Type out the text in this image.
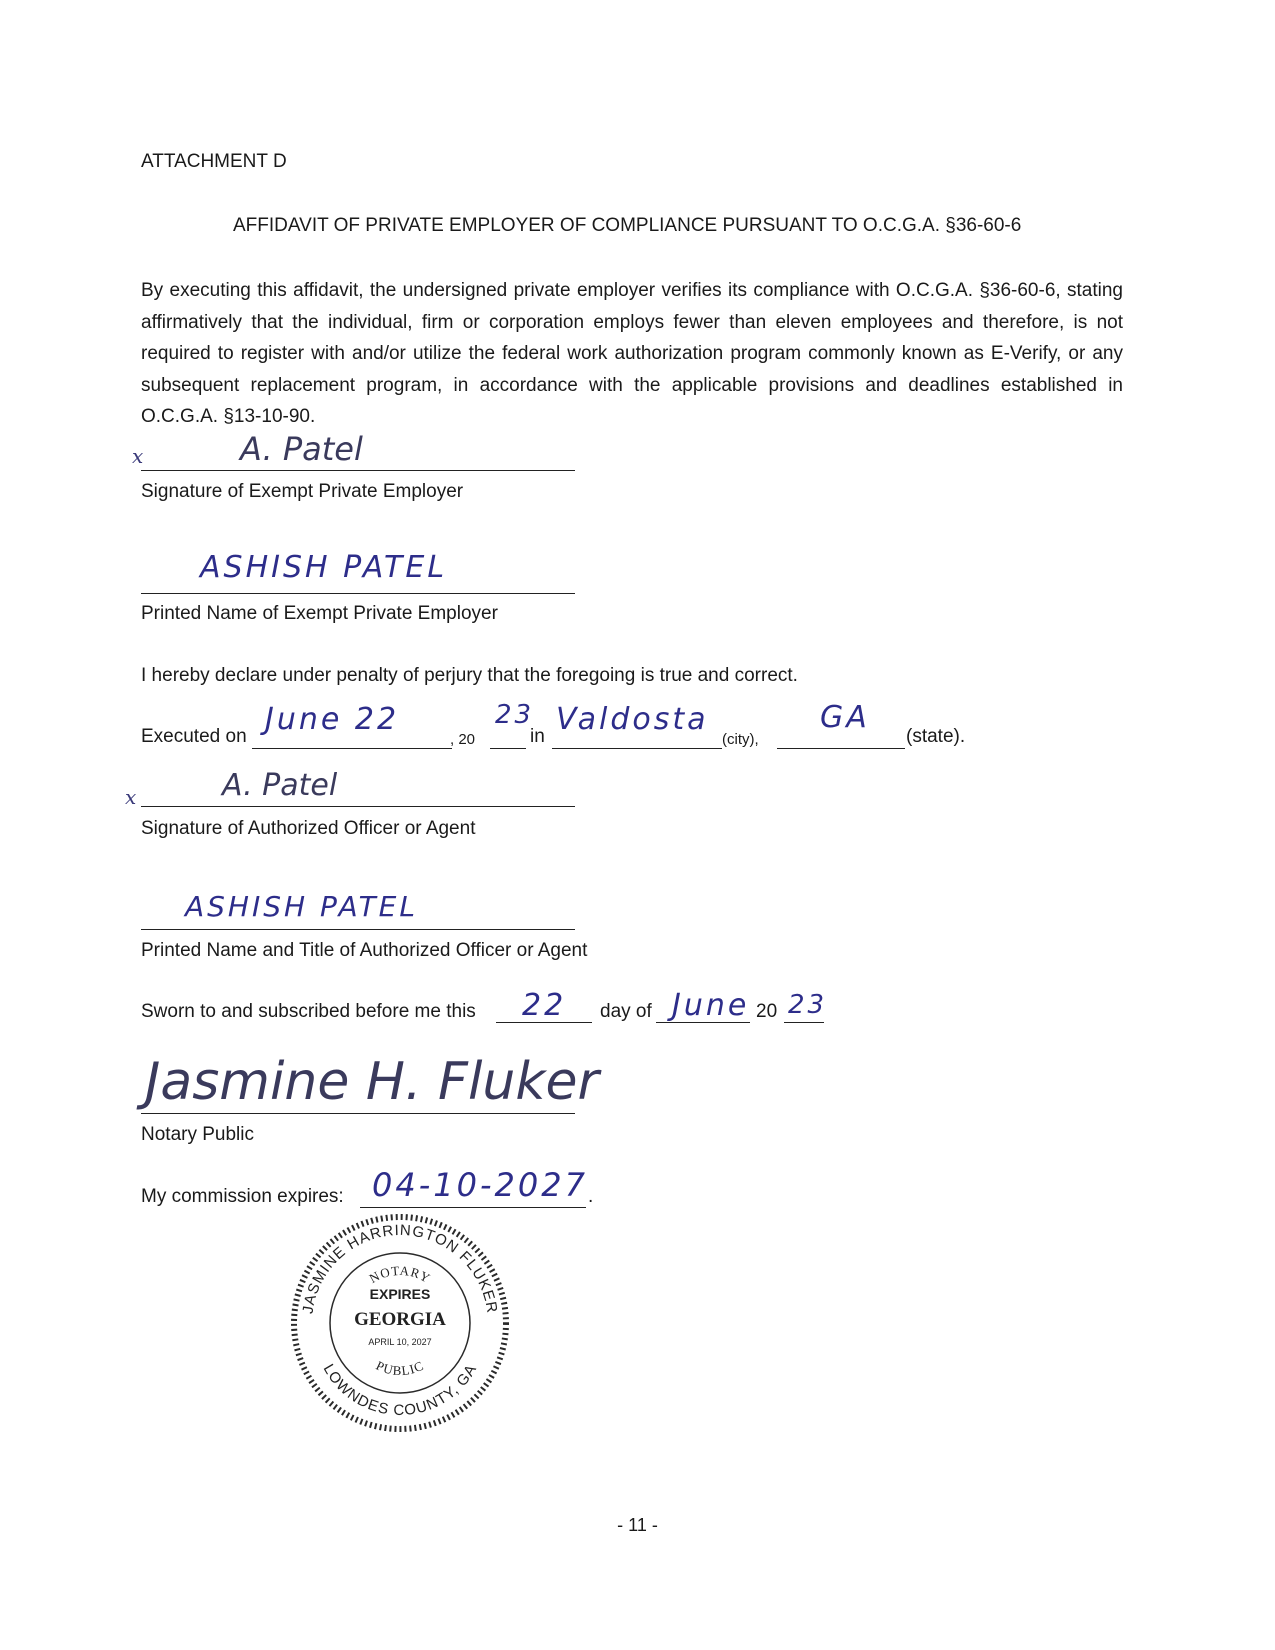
ATTACHMENT D
AFFIDAVIT OF PRIVATE EMPLOYER OF COMPLIANCE PURSUANT TO O.C.G.A. §36-60-6
By executing this affidavit, the undersigned private employer verifies its compliance with O.C.G.A. §36-60-6, stating affirmatively that the individual, firm or corporation employs fewer than eleven employees and therefore, is not required to register with and/or utilize the federal work authorization program commonly known as E-Verify, or any subsequent replacement program, in accordance with the applicable provisions and deadlines established in O.C.G.A. §13-10-90.
x	A. Patel
Signature of Exempt Private Employer
ASHISH PATEL
Printed Name of Exempt Private Employer
I hereby declare under penalty of perjury that the foregoing is true and correct.
Executed on June 22
, 20
23
in Valdosta
(city),
GA
(state).
x	A. Patel
Signature of Authorized Officer or Agent
ASHISH PATEL
Printed Name and Title of Authorized Officer or Agent
Sworn to and subscribed before me this 22 day of June 20 23
Jasmine H. Fluker
Notary Public
My commission expires: 04-10-2027 .
JASMINE HARRINGTON FLUKER
LOWNDES COUNTY, GA
NOTARY
PUBLIC
EXPIRES
GEORGIA
APRIL 10, 2027
- 11 -
